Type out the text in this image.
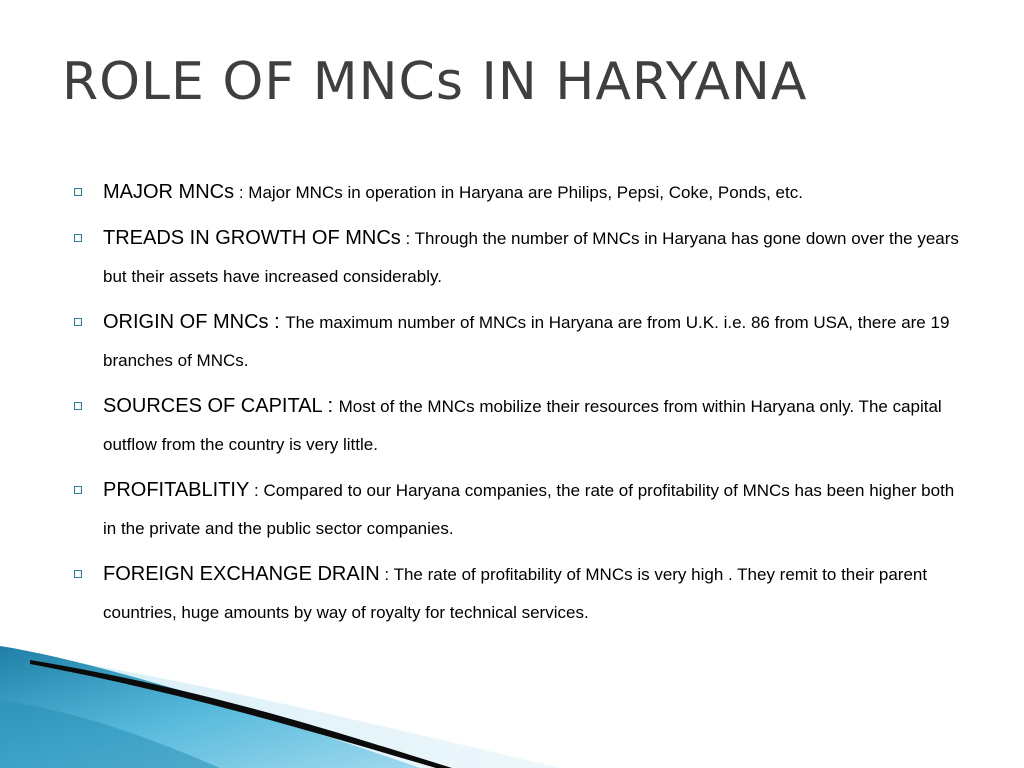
ROLE OF MNCs IN HARYANA
MAJOR MNCs : Major MNCs in operation in Haryana are Philips, Pepsi, Coke, Ponds, etc.
TREADS IN GROWTH OF MNCs : Through the number of MNCs in Haryana has gone down over the years but their assets have increased considerably.
ORIGIN OF MNCs : The maximum number of MNCs in Haryana are from U.K. i.e. 86 from USA, there are 19 branches of MNCs.
SOURCES OF CAPITAL : Most of the MNCs mobilize their resources from within Haryana only. The capital outflow from the country is very little.
PROFITABLITIY : Compared to our Haryana companies, the rate of profitability of MNCs has been higher both in the private and the public sector companies.
FOREIGN EXCHANGE DRAIN : The rate of profitability of MNCs is very high . They remit to their parent countries, huge amounts by way of royalty for technical services.
